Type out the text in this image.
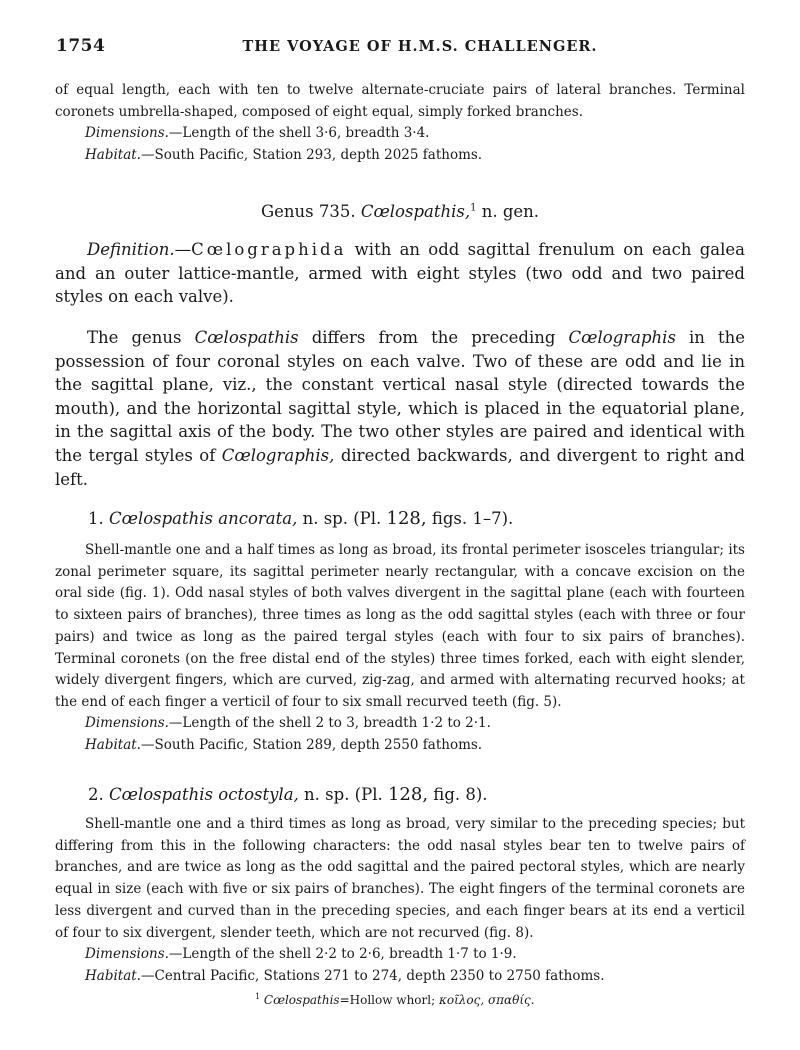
1754	THE VOYAGE OF H.M.S. CHALLENGER.
of equal length, each with ten to twelve alternate-cruciate pairs of lateral branches. Terminal coronets umbrella-shaped, composed of eight equal, simply forked branches.
Dimensions.—Length of the shell 3·6, breadth 3·4.
Habitat.—South Pacific, Station 293, depth 2025 fathoms.
Genus 735. Cœlospathis,$^1$ n. gen.
Definition.—Cœlographida with an odd sagittal frenulum on each galea and an outer lattice-mantle, armed with eight styles (two odd and two paired styles on each valve).
The genus Cœlospathis differs from the preceding Cœlographis in the possession of four coronal styles on each valve. Two of these are odd and lie in the sagittal plane, viz., the constant vertical nasal style (directed towards the mouth), and the horizontal sagittal style, which is placed in the equatorial plane, in the sagittal axis of the body. The two other styles are paired and identical with the tergal styles of Cœlographis, directed backwards, and divergent to right and left.
1. Cœlospathis ancorata, n. sp. (Pl. 128, figs. 1–7).
Shell-mantle one and a half times as long as broad, its frontal perimeter isosceles triangular; its zonal perimeter square, its sagittal perimeter nearly rectangular, with a concave excision on the oral side (fig. 1). Odd nasal styles of both valves divergent in the sagittal plane (each with fourteen to sixteen pairs of branches), three times as long as the odd sagittal styles (each with three or four pairs) and twice as long as the paired tergal styles (each with four to six pairs of branches). Terminal coronets (on the free distal end of the styles) three times forked, each with eight slender, widely divergent fingers, which are curved, zig-zag, and armed with alternating recurved hooks; at the end of each finger a verticil of four to six small recurved teeth (fig. 5).
Dimensions.—Length of the shell 2 to 3, breadth 1·2 to 2·1.
Habitat.—South Pacific, Station 289, depth 2550 fathoms.
2. Cœlospathis octostyla, n. sp. (Pl. 128, fig. 8).
Shell-mantle one and a third times as long as broad, very similar to the preceding species; but differing from this in the following characters: the odd nasal styles bear ten to twelve pairs of branches, and are twice as long as the odd sagittal and the paired pectoral styles, which are nearly equal in size (each with five or six pairs of branches). The eight fingers of the terminal coronets are less divergent and curved than in the preceding species, and each finger bears at its end a verticil of four to six divergent, slender teeth, which are not recurved (fig. 8).
Dimensions.—Length of the shell 2·2 to 2·6, breadth 1·7 to 1·9.
Habitat.—Central Pacific, Stations 271 to 274, depth 2350 to 2750 fathoms.
$^1$ Cœlospathis=Hollow whorl; κοῖλος, σπαθίς.
